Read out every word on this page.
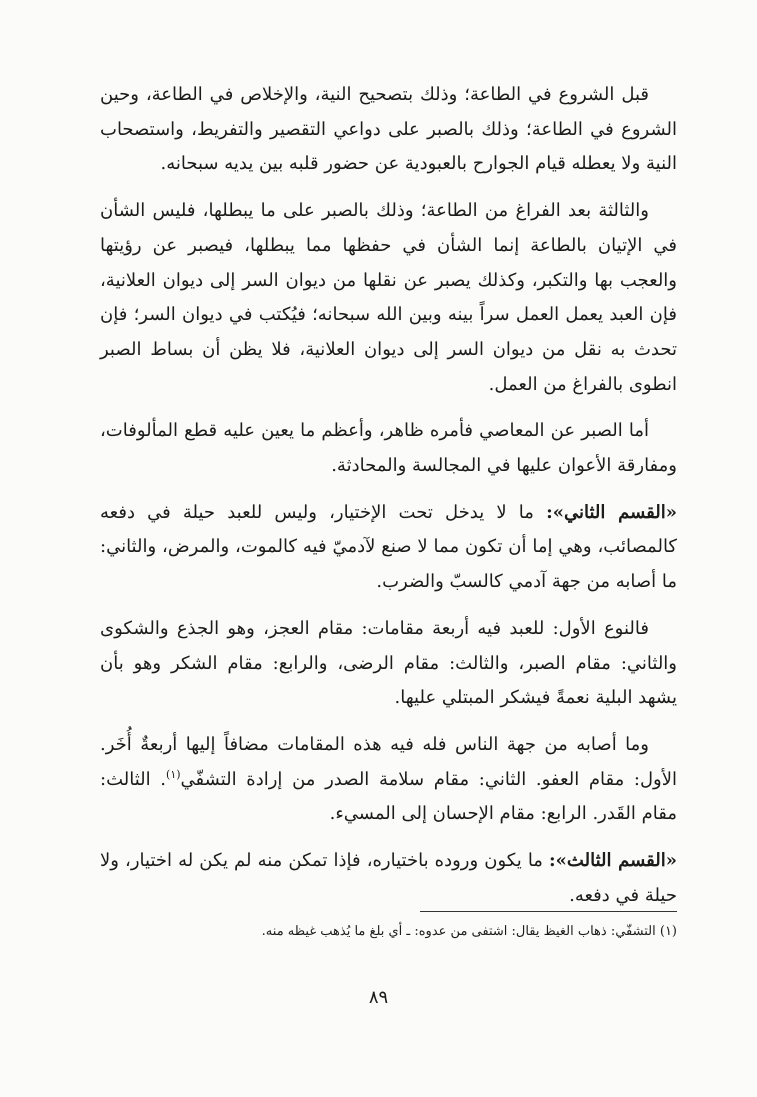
قبل الشروع في الطاعة؛ وذلك بتصحيح النية، والإخلاص في الطاعة، وحين الشروع في الطاعة؛ وذلك بالصبر على دواعي التقصير والتفريط، واستصحاب النية ولا يعطله قيام الجوارح بالعبودية عن حضور قلبه بين يديه سبحانه.

والثالثة بعد الفراغ من الطاعة؛ وذلك بالصبر على ما يبطلها، فليس الشأن في الإتيان بالطاعة إنما الشأن في حفظها مما يبطلها، فيصبر عن رؤيتها والعجب بها والتكبر، وكذلك يصبر عن نقلها من ديوان السر إلى ديوان العلانية، فإن العبد يعمل العمل سراً بينه وبين الله سبحانه؛ فيُكتب في ديوان السر؛ فإن تحدث به نقل من ديوان السر إلى ديوان العلانية، فلا يظن أن بساط الصبر انطوى بالفراغ من العمل.

أما الصبر عن المعاصي فأمره ظاهر، وأعظم ما يعين عليه قطع المألوفات، ومفارقة الأعوان عليها في المجالسة والمحادثة.

«القسم الثاني»: ما لا يدخل تحت الإختيار، وليس للعبد حيلة في دفعه كالمصائب، وهي إما أن تكون مما لا صنع لآدميّ فيه كالموت، والمرض، والثاني: ما أصابه من جهة آدمي كالسبّ والضرب.

فالنوع الأول: للعبد فيه أربعة مقامات: مقام العجز، وهو الجذع والشكوى والثاني: مقام الصبر، والثالث: مقام الرضى، والرابع: مقام الشكر وهو بأن يشهد البلية نعمةً فيشكر المبتلي عليها.

وما أصابه من جهة الناس فله فيه هذه المقامات مضافاً إليها أربعةٌ أُخَر. الأول: مقام العفو. الثاني: مقام سلامة الصدر من إرادة التشفّي$^{(١)}$. الثالث: مقام القَدر. الرابع: مقام الإحسان إلى المسيء.

«القسم الثالث»: ما يكون وروده باختياره، فإذا تمكن منه لم يكن له اختيار، ولا حيلة في دفعه.

(١) التشفّي: ذهاب الغيظ يقال: اشتفى من عدوه: ـ أي بلغ ما يُذهب غيظه منه.
٨٩
